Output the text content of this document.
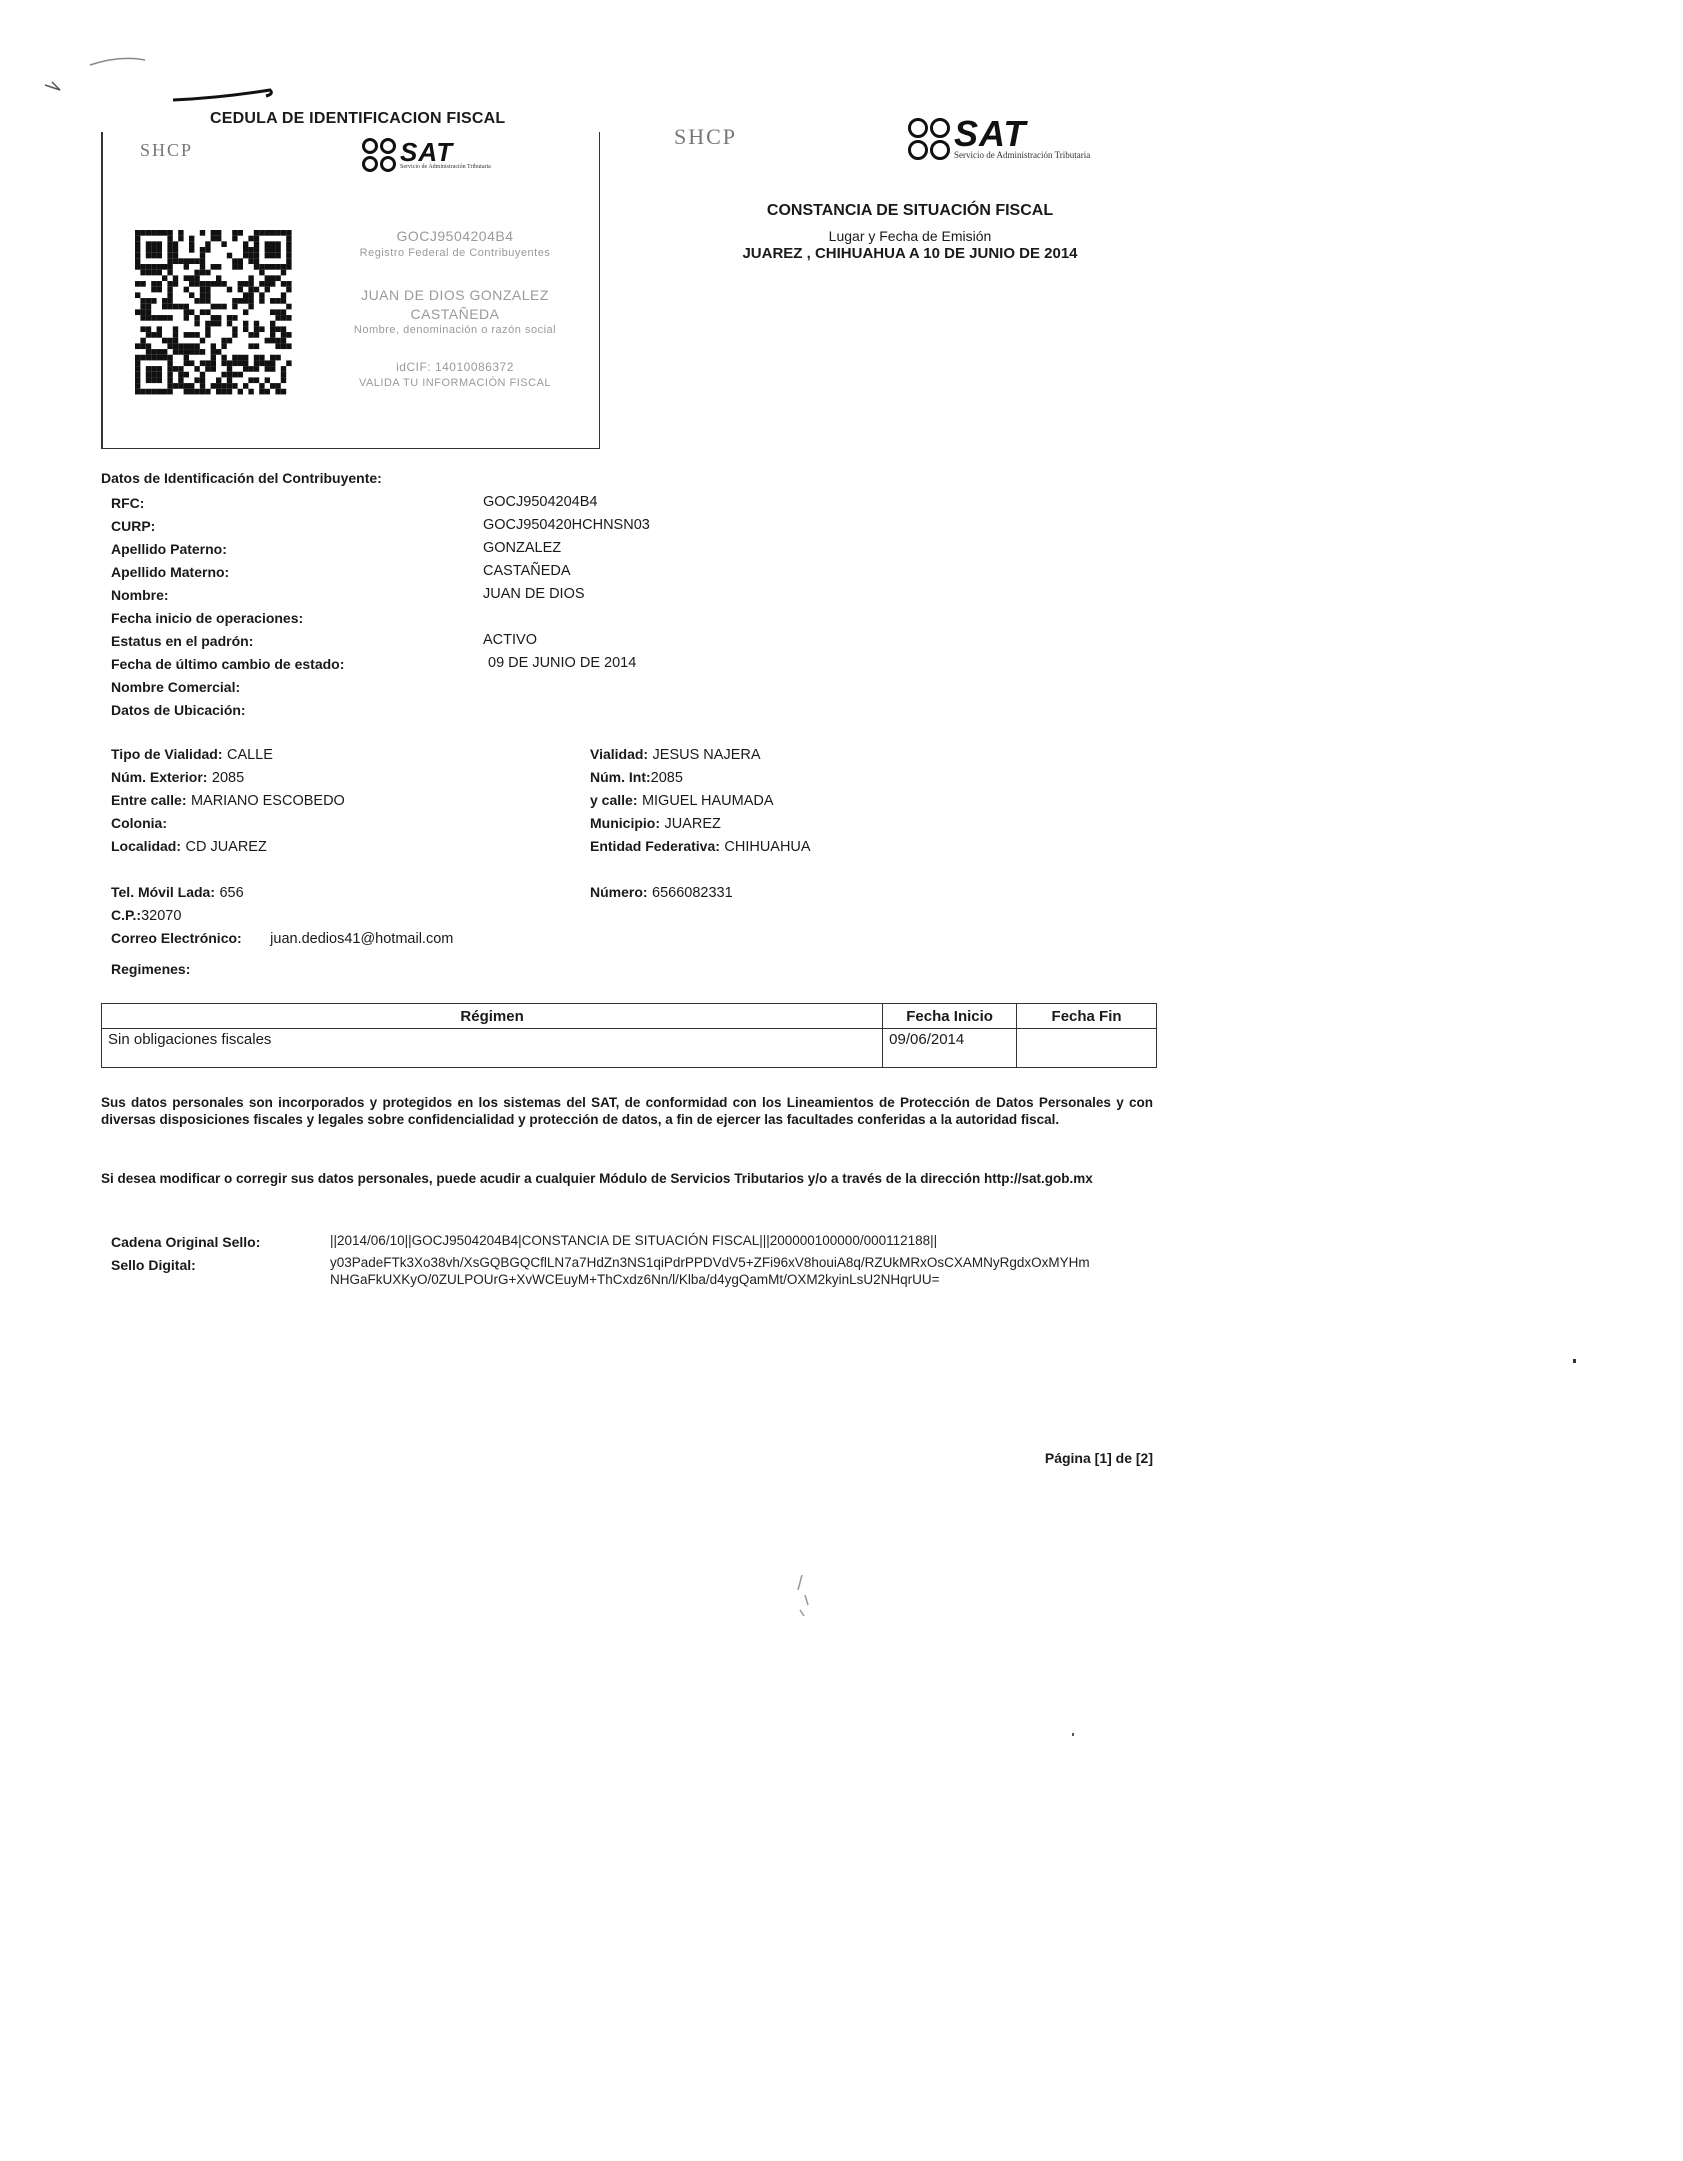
CEDULA DE IDENTIFICACION FISCAL
SHCP	SAT
Servicio de Administración Tributaria
GOCJ9504204B4
Registro Federal de Contribuyentes
JUAN DE DIOS GONZALEZ
CASTAÑEDA
Nombre, denominación o razón social
idCIF: 14010086372
VALIDA TU INFORMACIÓN FISCAL
SHCP	SAT
Servicio de Administración Tributaria
CONSTANCIA DE SITUACIÓN FISCAL
Lugar y Fecha de Emisión
JUAREZ , CHIHUAHUA A 10 DE JUNIO DE 2014
Datos de Identificación del Contribuyente:
RFC:	GOCJ9504204B4
CURP:	GOCJ950420HCHNSN03
Apellido Paterno:	GONZALEZ
Apellido Materno:	CASTAÑEDA
Nombre:	JUAN DE DIOS
Fecha inicio de operaciones:
Estatus en el padrón:	ACTIVO
Fecha de último cambio de estado:	09 DE JUNIO DE 2014
Nombre Comercial:
Datos de Ubicación:
Tipo de Vialidad: CALLE	Vialidad: JESUS NAJERA
Núm. Exterior: 2085	Núm. Int:2085
Entre calle: MARIANO ESCOBEDO	y calle: MIGUEL HAUMADA
Colonia:	Municipio: JUAREZ
Localidad: CD JUAREZ	Entidad Federativa: CHIHUAHUA
Tel. Móvil Lada: 656	Número: 6566082331
C.P.:32070
Correo Electrónico: juan.dedios41@hotmail.com
Regimenes:
Régimen	Fecha Inicio	Fecha Fin
Sin obligaciones fiscales	09/06/2014	
Sus datos personales son incorporados y protegidos en los sistemas del SAT, de conformidad con los Lineamientos de Protección de Datos Personales y con diversas disposiciones fiscales y legales sobre confidencialidad y protección de datos, a fin de ejercer las facultades conferidas a la autoridad fiscal.
Si desea modificar o corregir sus datos personales, puede acudir a cualquier Módulo de Servicios Tributarios y/o a través de la dirección http://sat.gob.mx
Cadena Original Sello:	||2014/06/10||GOCJ9504204B4|CONSTANCIA DE SITUACIÓN FISCAL|||200000100000/000112188||
Sello Digital:	y03PadeFTk3Xo38vh/XsGQBGQCflLN7a7HdZn3NS1qiPdrPPDVdV5+ZFi96xV8houiA8q/RZUkMRxOsCXAMNyRgdxOxMYHmNHGaFkUXKyO/0ZULPOUrG+XvWCEuyM+ThCxdz6Nn/l/Klba/d4ygQamMt/OXM2kyinLsU2NHqrUU=
Página [1] de [2]
